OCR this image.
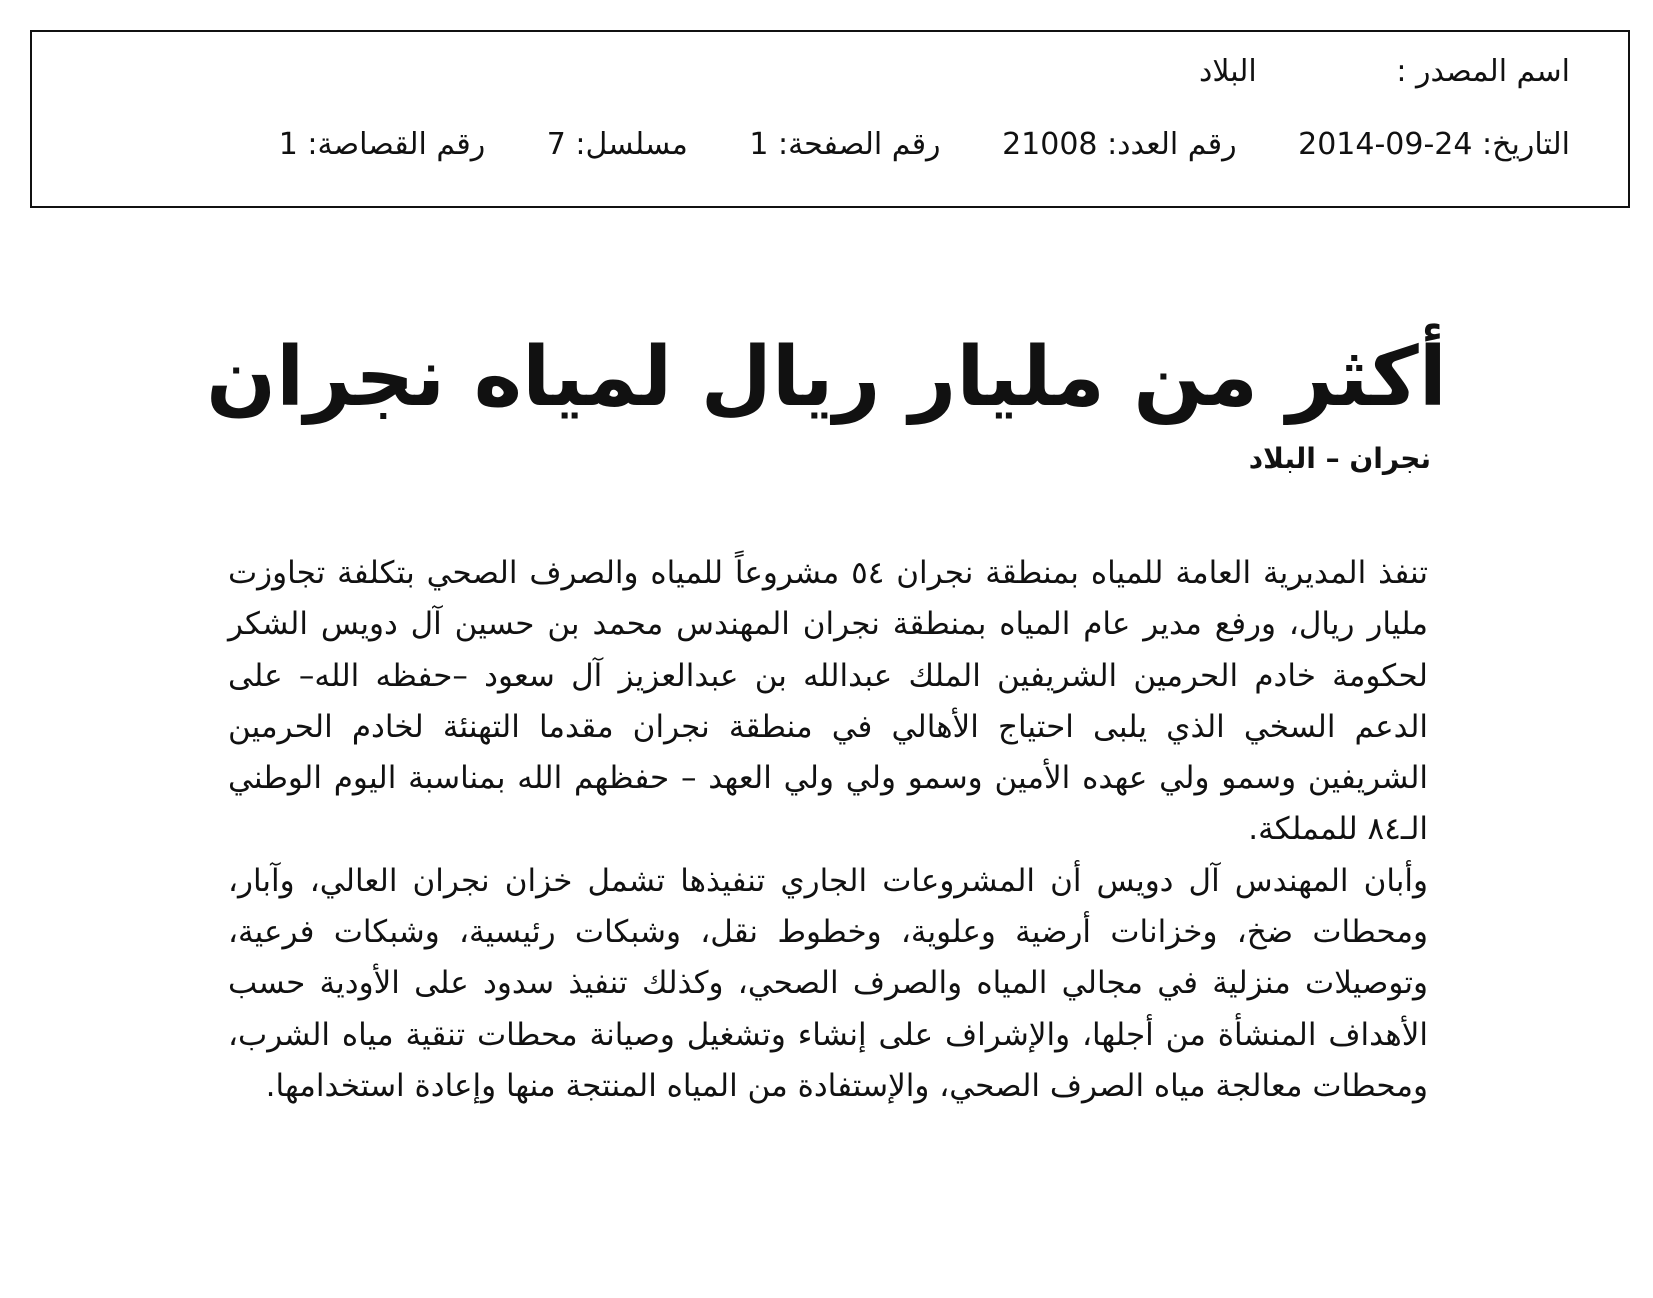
اسم المصدر : البلاد
التاريخ: 2014-09-24 رقم العدد: 21008 رقم الصفحة: 1 مسلسل: 7 رقم القصاصة: 1
أكثر من مليار ريال لمياه نجران
نجران – البلاد

تنفذ المديرية العامة للمياه بمنطقة نجران ٥٤ مشروعاً للمياه والصرف الصحي بتكلفة تجاوزت مليار ريال، ورفع مدير عام المياه بمنطقة نجران المهندس محمد بن حسين آل دويس الشكر لحكومة خادم الحرمين الشريفين الملك عبدالله بن عبدالعزيز آل سعود –حفظه الله– على الدعم السخي الذي يلبى احتياج الأهالي في منطقة نجران مقدما التهنئة لخادم الحرمين الشريفين وسمو ولي عهده الأمين وسمو ولي ولي العهد – حفظهم الله بمناسبة اليوم الوطني الـ٨٤ للمملكة.

وأبان المهندس آل دويس أن المشروعات الجاري تنفيذها تشمل خزان نجران العالي، وآبار، ومحطات ضخ، وخزانات أرضية وعلوية، وخطوط نقل، وشبكات رئيسية، وشبكات فرعية، وتوصيلات منزلية في مجالي المياه والصرف الصحي، وكذلك تنفيذ سدود على الأودية حسب الأهداف المنشأة من أجلها، والإشراف على إنشاء وتشغيل وصيانة محطات تنقية مياه الشرب، ومحطات معالجة مياه الصرف الصحي، والإستفادة من المياه المنتجة منها وإعادة استخدامها.
